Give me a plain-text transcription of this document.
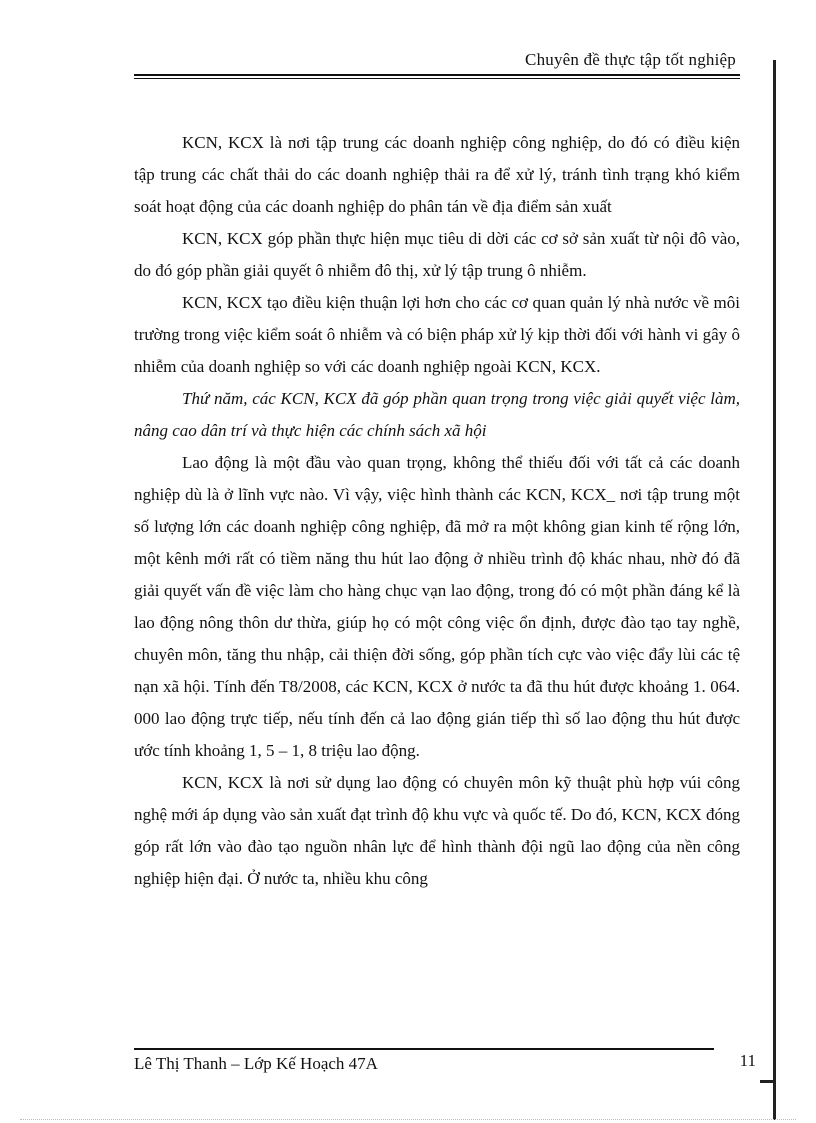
Chuyên đề thực tập tốt nghiệp

KCN, KCX là nơi tập trung các doanh nghiệp công nghiệp, do đó có điều kiện tập trung các chất thải do các doanh nghiệp thải ra để xử lý, tránh tình trạng khó kiểm soát hoạt động của các doanh nghiệp do phân tán về địa điểm sản xuất

KCN, KCX góp phần thực hiện mục tiêu di dời các cơ sở sản xuất từ nội đô vào, do đó góp phần giải quyết ô nhiễm đô thị, xử lý tập trung ô nhiễm.

KCN, KCX tạo điều kiện thuận lợi hơn cho các cơ quan quản lý nhà nước về môi trường trong việc kiểm soát ô nhiễm và có biện pháp xử lý kịp thời đối với hành vi gây ô nhiễm của doanh nghiệp so với các doanh nghiệp ngoài KCN, KCX.

Thứ năm, các KCN, KCX đã góp phần quan trọng trong việc giải quyết việc làm, nâng cao dân trí và thực hiện các chính sách xã hội

Lao động là một đầu vào quan trọng, không thể thiếu đối với tất cả các doanh nghiệp dù là ở lĩnh vực nào. Vì vậy, việc hình thành các KCN, KCX_ nơi tập trung một số lượng lớn các doanh nghiệp công nghiệp, đã mở ra một không gian kinh tế rộng lớn, một kênh mới rất có tiềm năng thu hút lao động ở nhiều trình độ khác nhau, nhờ đó đã giải quyết vấn đề việc làm cho hàng chục vạn lao động, trong đó có một phần đáng kể là lao động nông thôn dư thừa, giúp họ có một công việc ổn định, được đào tạo tay nghề, chuyên môn, tăng thu nhập, cải thiện đời sống, góp phần tích cực vào việc đẩy lùi các tệ nạn xã hội. Tính đến T8/2008, các KCN, KCX ở nước ta đã thu hút được khoảng 1. 064. 000 lao động trực tiếp, nếu tính đến cả lao động gián tiếp thì số lao động thu hút được ước tính khoảng 1, 5 – 1, 8 triệu lao động.

KCN, KCX là nơi sử dụng lao động có chuyên môn kỹ thuật phù hợp vúi công nghệ mới áp dụng vào sản xuất đạt trình độ khu vực và quốc tế. Do đó, KCN, KCX đóng góp rất lớn vào đào tạo nguồn nhân lực để hình thành đội ngũ lao động của nền công nghiệp hiện đại. Ở nước ta, nhiều khu công

Lê Thị Thanh – Lớp Kế Hoạch 47A	11
